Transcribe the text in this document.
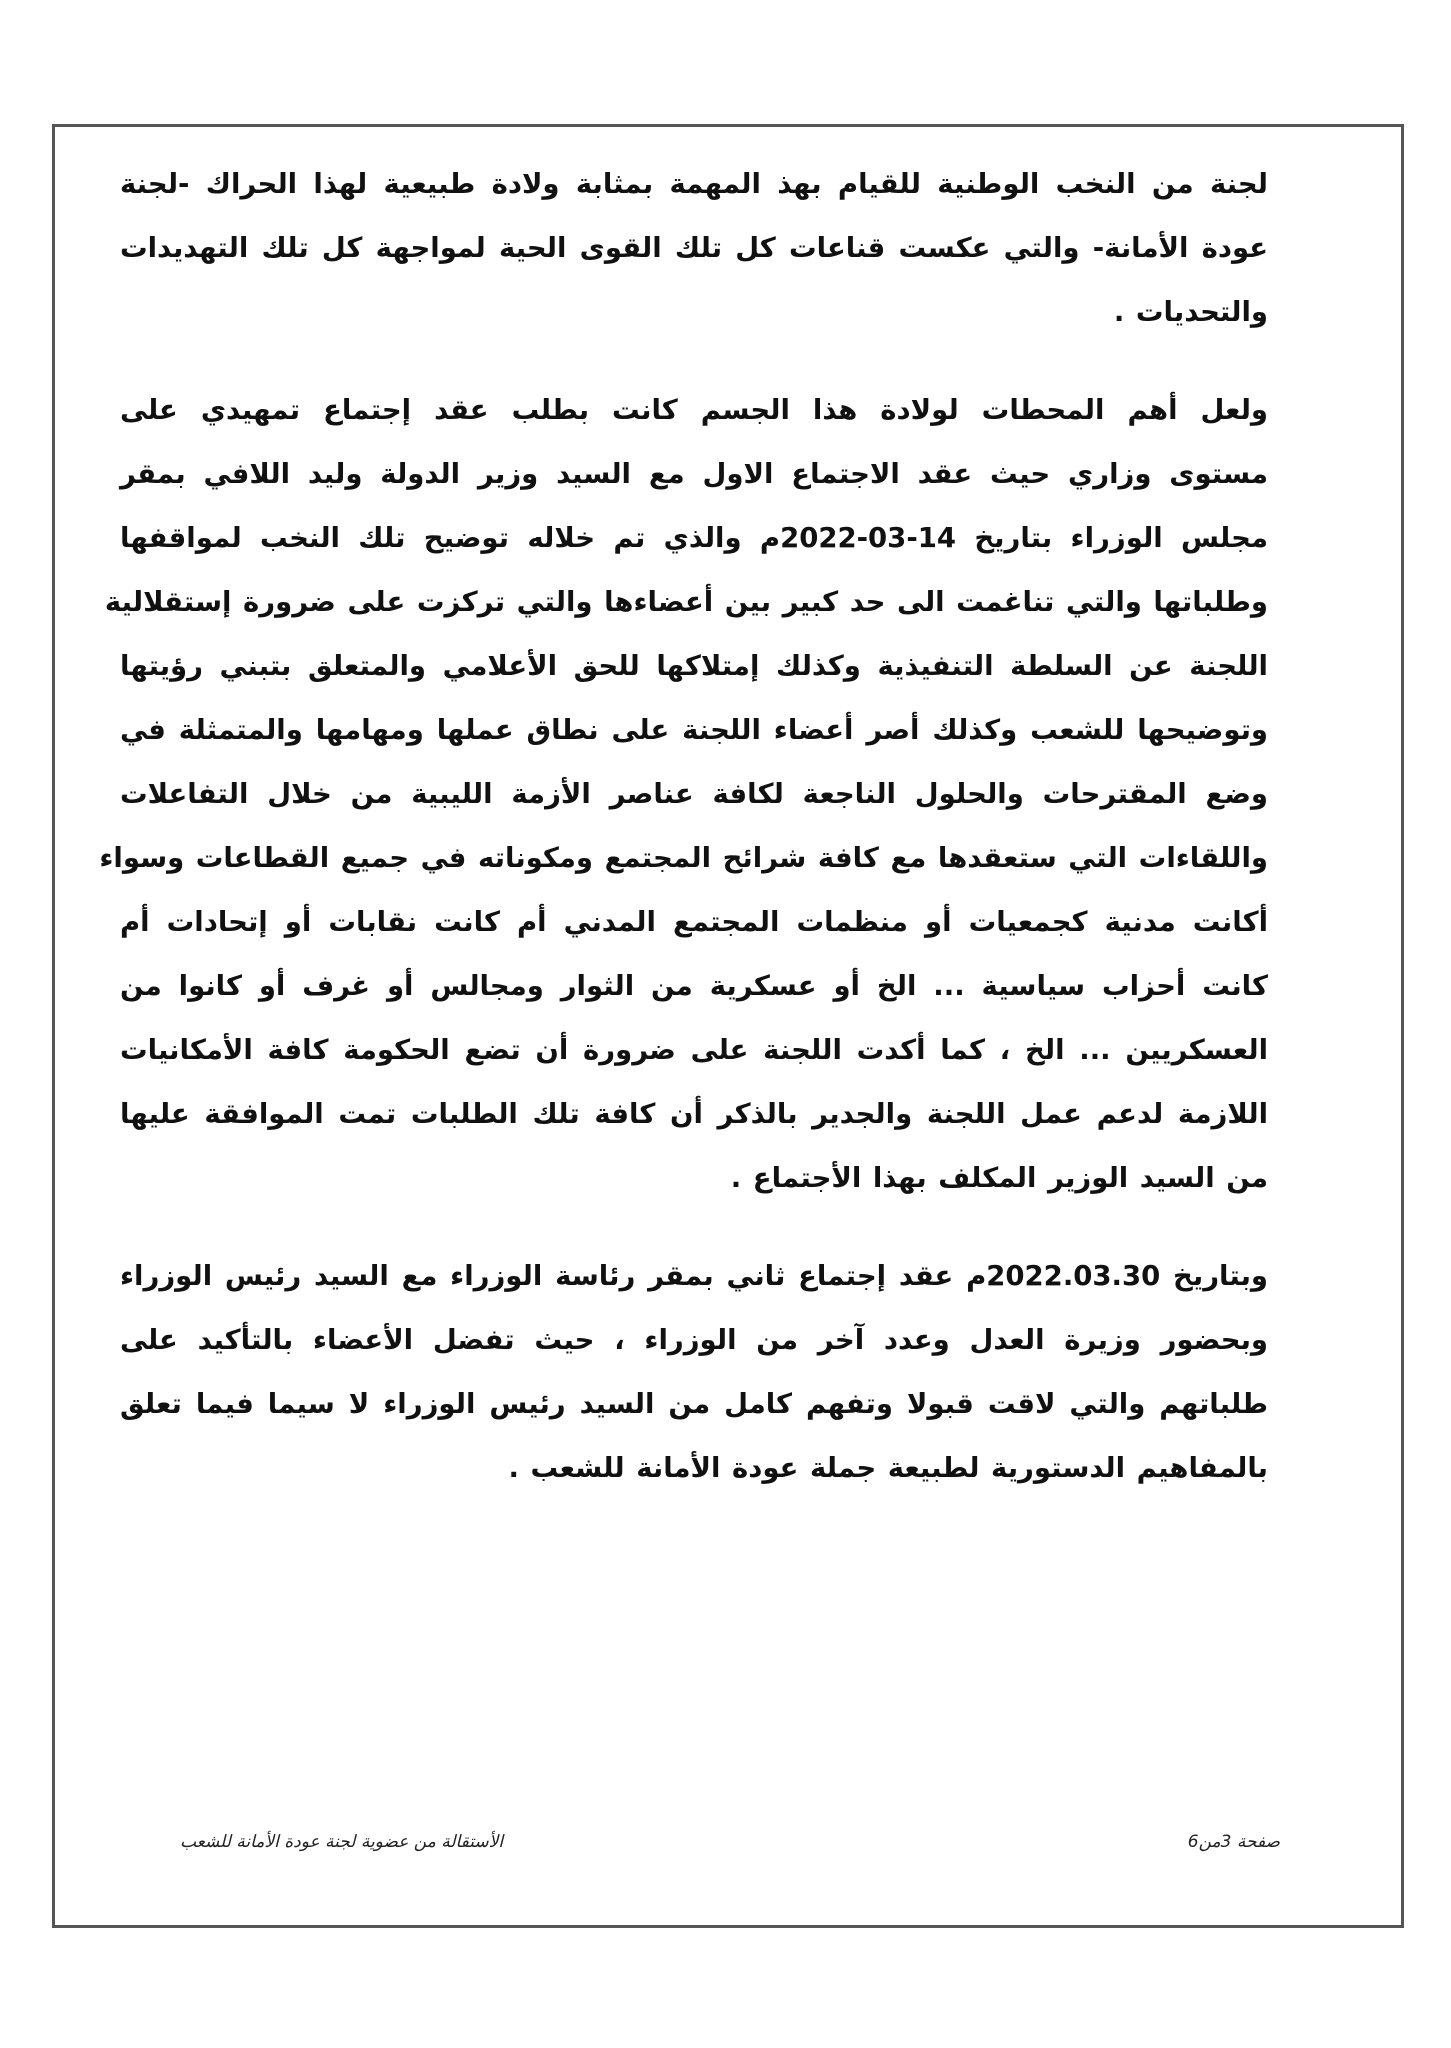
لجنة من النخب الوطنية للقيام بهذ المهمة بمثابة ولادة طبيعية لهذا الحراك -لجنة
عودة الأمانة- والتي عكست قناعات كل تلك القوى الحية لمواجهة كل تلك التهديدات
والتحديات .

ولعل أهم المحطات لولادة هذا الجسم كانت بطلب عقد إجتماع تمهيدي على
مستوى وزاري حيث عقد الاجتماع الاول مع السيد وزير الدولة وليد اللافي بمقر
مجلس الوزراء بتاريخ 14-03-2022م والذي تم خلاله توضيح تلك النخب لمواقفها
وطلباتها والتي تناغمت الى حد كبير بين أعضاءها والتي تركزت على ضرورة إستقلالية
اللجنة عن السلطة التنفيذية وكذلك إمتلاكها للحق الأعلامي والمتعلق بتبني رؤيتها
وتوضيحها للشعب وكذلك أصر أعضاء اللجنة على نطاق عملها ومهامها والمتمثلة في
وضع المقترحات والحلول الناجعة لكافة عناصر الأزمة الليبية من خلال التفاعلات
واللقاءات التي ستعقدها مع كافة شرائح المجتمع ومكوناته في جميع القطاعات وسواء
أكانت مدنية كجمعيات أو منظمات المجتمع المدني أم كانت نقابات أو إتحادات أم
كانت أحزاب سياسية ... الخ أو عسكرية من الثوار ومجالس أو غرف أو كانوا من
العسكريين ... الخ ، كما أكدت اللجنة على ضرورة أن تضع الحكومة كافة الأمكانيات
اللازمة لدعم عمل اللجنة والجدير بالذكر أن كافة تلك الطلبات تمت الموافقة عليها
من السيد الوزير المكلف بهذا الأجتماع .

وبتاريخ 2022.03.30م عقد إجتماع ثاني بمقر رئاسة الوزراء مع السيد رئيس الوزراء
وبحضور وزيرة العدل وعدد آخر من الوزراء ، حيث تفضل الأعضاء بالتأكيد على
طلباتهم والتي لاقت قبولا وتفهم كامل من السيد رئيس الوزراء لا سيما فيما تعلق
بالمفاهيم الدستورية لطبيعة جملة عودة الأمانة للشعب .

صفحة 3من6
الأستقالة من عضوية لجنة عودة الأمانة للشعب
